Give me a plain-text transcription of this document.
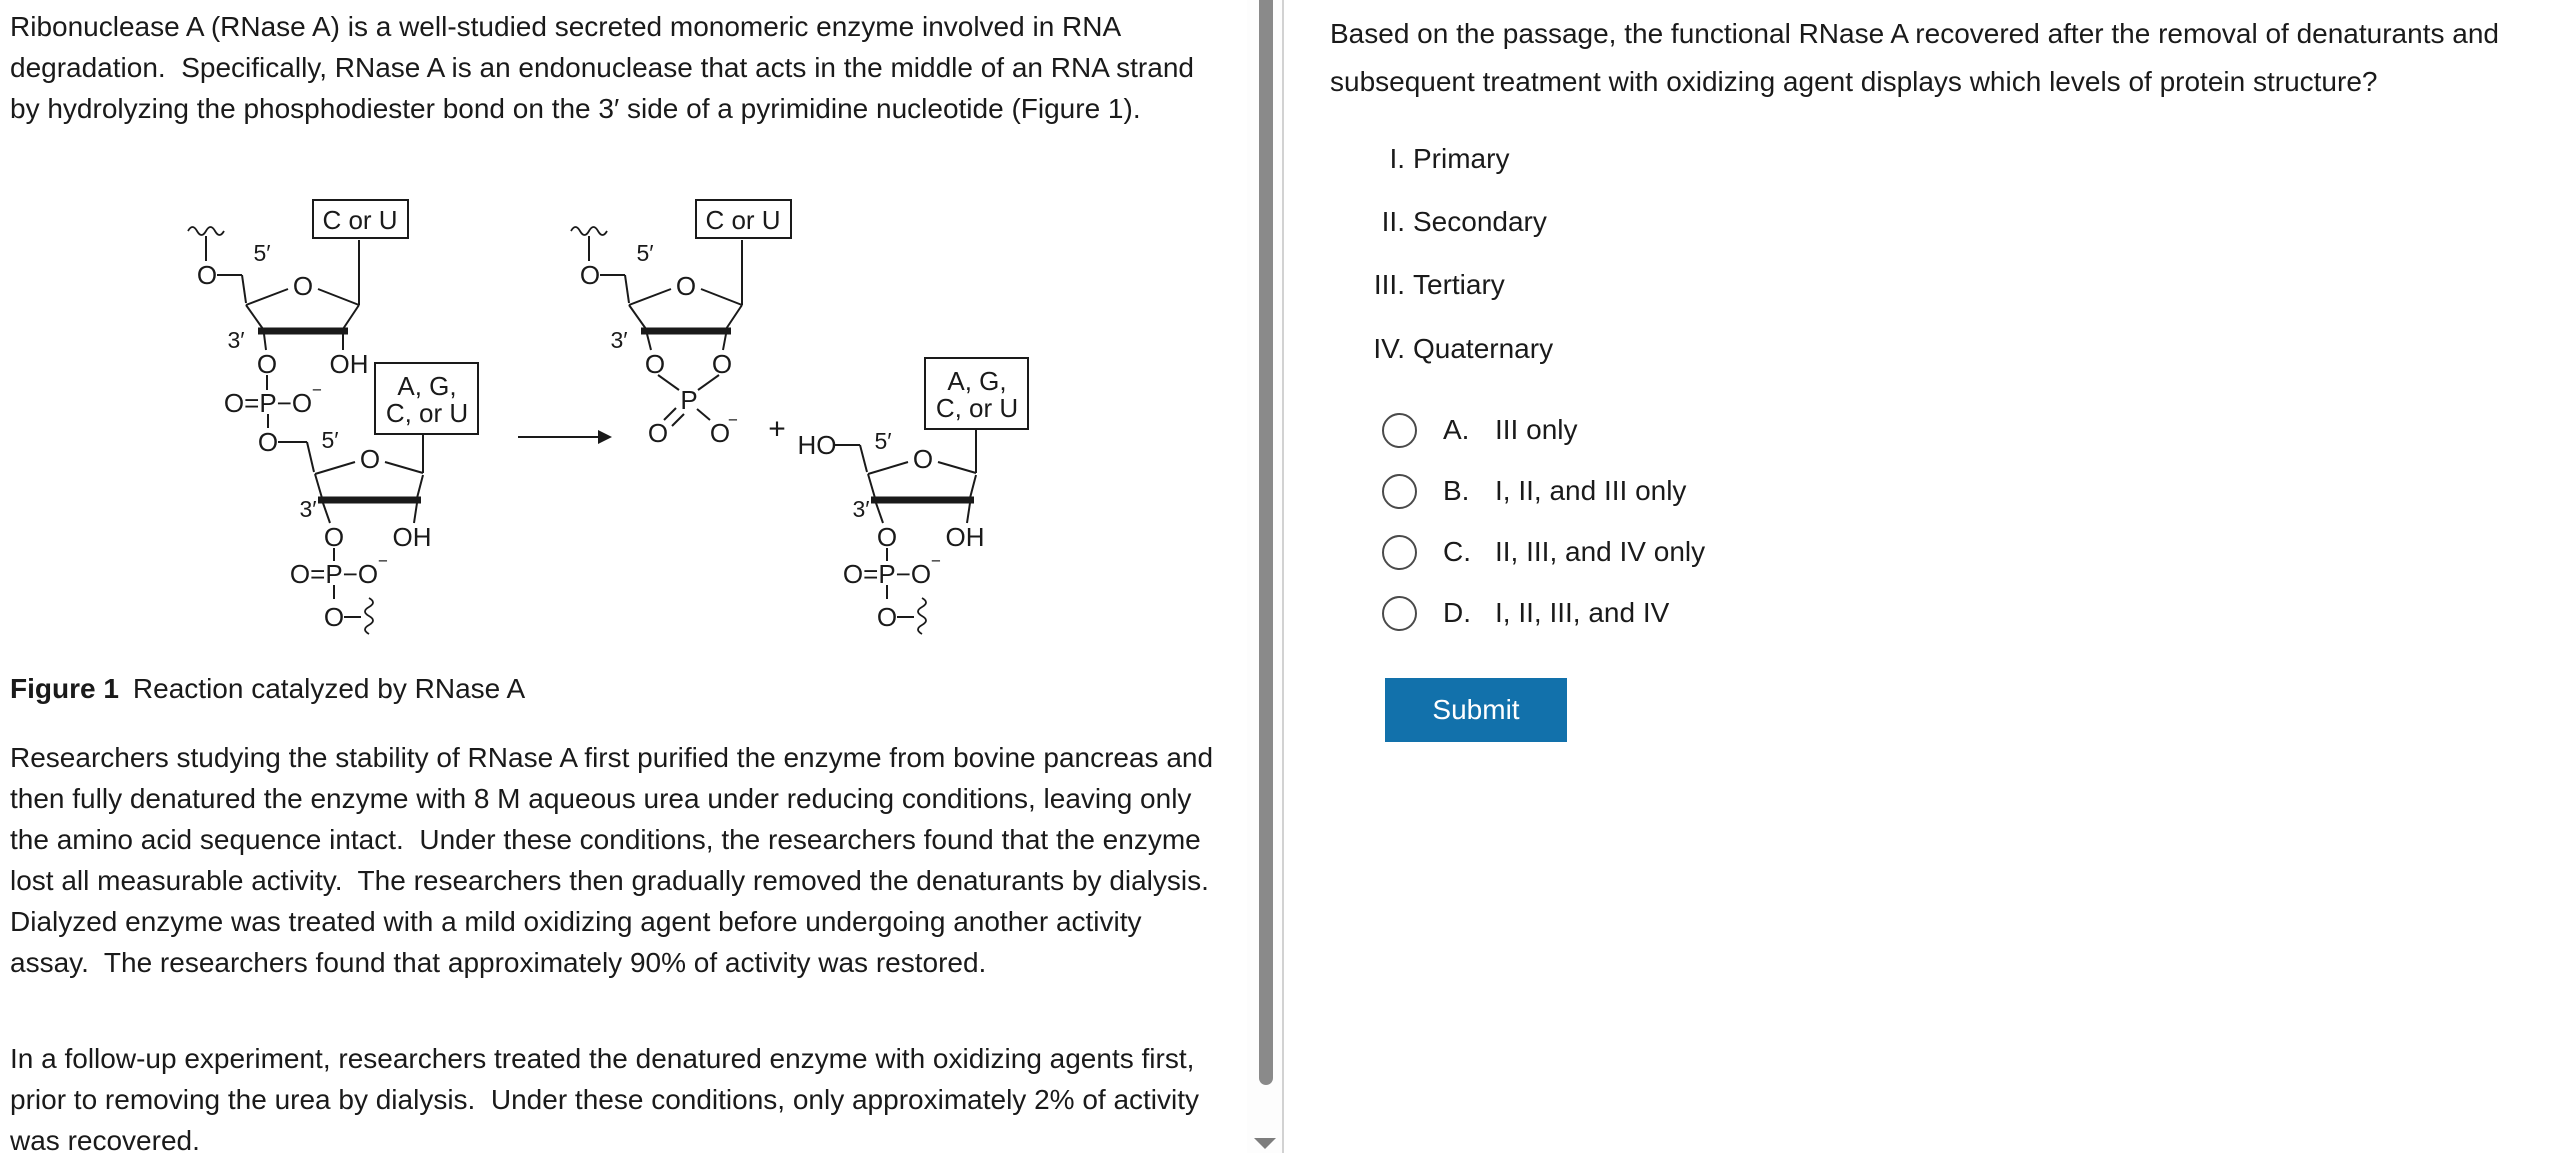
Ribonuclease A (RNase A) is a well-studied secreted monomeric enzyme involved in RNA degradation.  Specifically, RNase A is an endonuclease that acts in the middle of an RNA strand by hydrolyzing the phosphodiester bond on the 3′ side of a pyrimidine nucleotide (Figure 1).

O
5′
O
C or U
3′
O OH
O=P−O −
O 5′
O
A, G,
C, or U
3′
O OH
O=P−O −
O
O
5′
O
C or U
3′
O O
P
O O
− + HO 5′
O
A, G,
C, or U
3′
O OH
O=P−O −
O
Figure 1 Reaction catalyzed by RNase A

Researchers studying the stability of RNase A first purified the enzyme from bovine pancreas and then fully denatured the enzyme with 8 M aqueous urea under reducing conditions, leaving only the amino acid sequence intact.  Under these conditions, the researchers found that the enzyme lost all measurable activity.  The researchers then gradually removed the denaturants by dialysis.  Dialyzed enzyme was treated with a mild oxidizing agent before undergoing another activity assay.  The researchers found that approximately 90% of activity was restored.

In a follow-up experiment, researchers treated the denatured enzyme with oxidizing agents first, prior to removing the urea by dialysis.  Under these conditions, only approximately 2% of activity was recovered.

Based on the passage, the functional RNase A recovered after the removal of denaturants and subsequent treatment with oxidizing agent displays which levels of protein structure?

I. Primary
II. Secondary
III. Tertiary
IV. Quaternary
A. III only
B. I, II, and III only
C. II, III, and IV only
D. I, II, III, and IV
Submit
